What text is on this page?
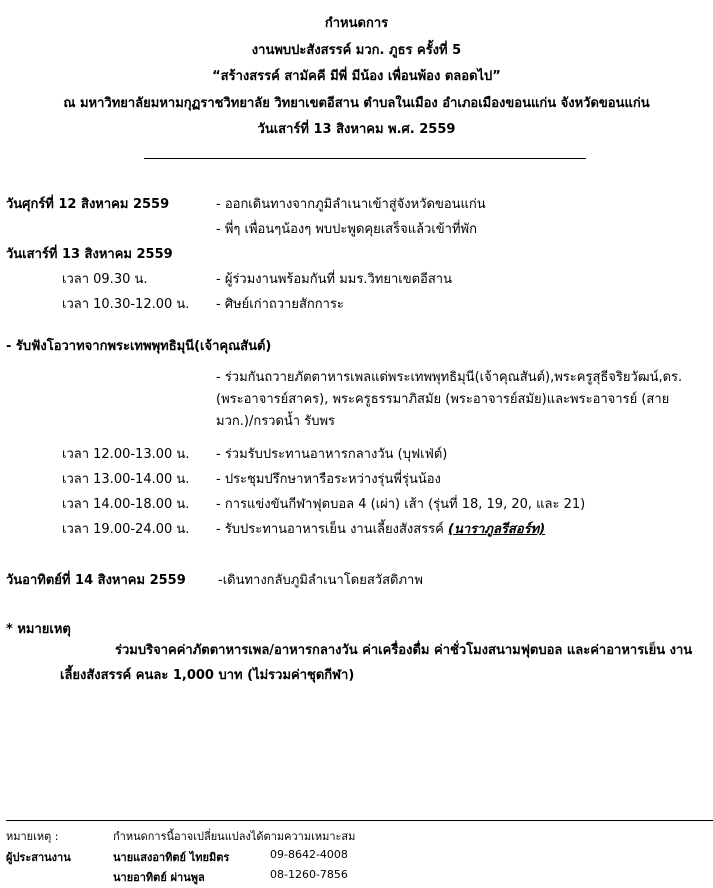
กำหนดการ
งานพบปะสังสรรค์ มวก. ภูธร ครั้งที่ 5
“สร้างสรรค์ สามัคคี มีพี่ มีน้อง เพื่อนพ้อง ตลอดไป”
ณ มหาวิทยาลัยมหามกุฏราชวิทยาลัย วิทยาเขตอีสาน ตำบลในเมือง อำเภอเมืองขอนแก่น จังหวัดขอนแก่น
วันเสาร์ที่ 13 สิงหาคม พ.ศ. 2559
วันศุกร์ที่ 12 สิงหาคม 2559	- ออกเดินทางจากภูมิลำเนาเข้าสู่จังหวัดขอนแก่น
- พี่ๆ เพื่อนๆน้องๆ พบปะพูดคุยเสร็จแล้วเข้าที่พัก
วันเสาร์ที่ 13 สิงหาคม 2559
เวลา 09.30 น.	- ผู้ร่วมงานพร้อมกันที่ มมร.วิทยาเขตอีสาน
เวลา 10.30-12.00 น. - ศิษย์เก่าถวายสักการะ
- รับฟังโอวาทจากพระเทพพุทธิมุนี(เจ้าคุณสันต์)
- ร่วมกันถวายภัตตาหารเพลแด่พระเทพพุทธิมุนี(เจ้าคุณสันต์),พระครูสุธีจริยวัฒน์,ดร.(พระอาจารย์สาคร), พระครูธรรมาภิสมัย (พระอาจารย์สมัย)และพระอาจารย์ (สาย มวก.)/กรวดน้ำ รับพร
เวลา 12.00-13.00 น. - ร่วมรับประทานอาหารกลางวัน (บุฟเฟ่ต์)
เวลา 13.00-14.00 น. - ประชุมปรึกษาหารือระหว่างรุ่นพี่รุ่นน้อง
เวลา 14.00-18.00 น. - การแข่งขันกีฬาฟุตบอล 4 (เผ่า) เส้า (รุ่นที่ 18, 19, 20, และ 21)
เวลา 19.00-24.00 น. - รับประทานอาหารเย็น งานเลี้ยงสังสรรค์ (นาราภูลรีสอร์ท)
วันอาทิตย์ที่ 14 สิงหาคม 2559 -เดินทางกลับภูมิลำเนาโดยสวัสดิภาพ
* หมายเหตุ
ร่วมบริจาคค่าภัตตาหารเพล/อาหารกลางวัน ค่าเครื่องดื่ม ค่าชั่วโมงสนามฟุตบอล และค่าอาหารเย็น งานเลี้ยงสังสรรค์ คนละ 1,000 บาท (ไม่รวมค่าชุดกีฬา)
หมายเหตุ :	กำหนดการนี้อาจเปลี่ยนแปลงได้ตามความเหมาะสม
ผู้ประสานงาน	นายแสงอาทิตย์ ไทยมิตร	09-8642-4008
นายอาทิตย์ ผ่านพูล	08-1260-7856
